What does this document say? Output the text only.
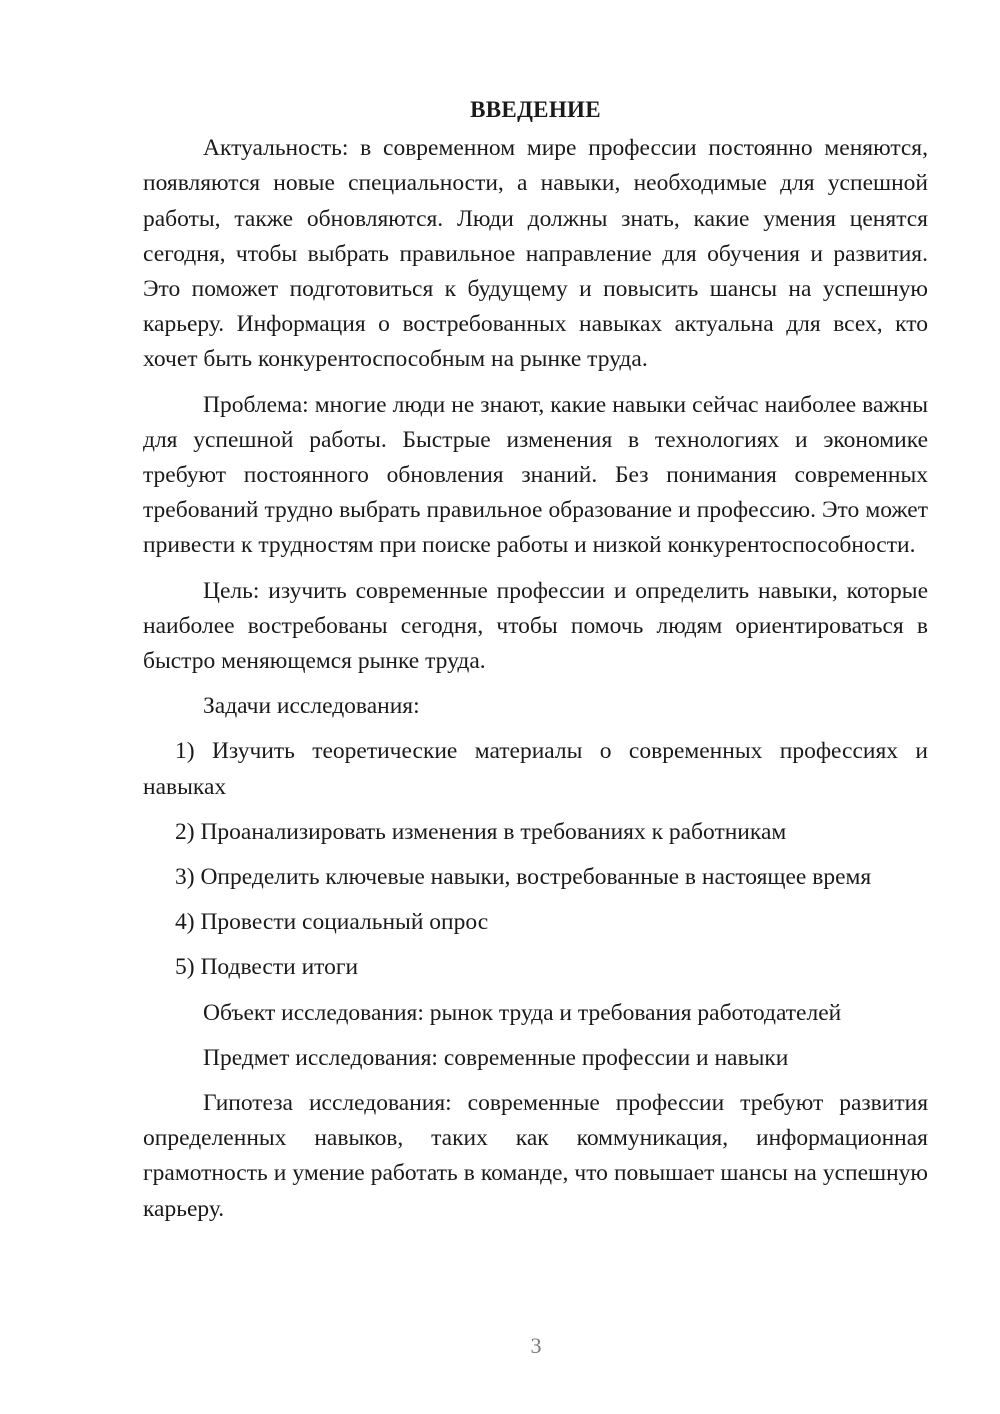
ВВЕДЕНИЕ

Актуальность: в современном мире профессии постоянно меняются, появляются новые специальности, а навыки, необходимые для успешной работы, также обновляются. Люди должны знать, какие умения ценятся сегодня, чтобы выбрать правильное направление для обучения и развития. Это поможет подготовиться к будущему и повысить шансы на успешную карьеру. Информация о востребованных навыках актуальна для всех, кто хочет быть конкурентоспособным на рынке труда.

Проблема: многие люди не знают, какие навыки сейчас наиболее важны для успешной работы. Быстрые изменения в технологиях и экономике требуют постоянного обновления знаний. Без понимания современных требований трудно выбрать правильное образование и профессию. Это может привести к трудностям при поиске работы и низкой конкурентоспособности.

Цель: изучить современные профессии и определить навыки, которые наиболее востребованы сегодня, чтобы помочь людям ориентироваться в быстро меняющемся рынке труда.

Задачи исследования:

1) Изучить теоретические материалы о современных профессиях и навыках

2) Проанализировать изменения в требованиях к работникам

3) Определить ключевые навыки, востребованные в настоящее время

4) Провести социальный опрос

5) Подвести итоги

Объект исследования: рынок труда и требования работодателей

Предмет исследования: современные профессии и навыки

Гипотеза исследования: современные профессии требуют развития определенных навыков, таких как коммуникация, информационная грамотность и умение работать в команде, что повышает шансы на успешную карьеру.

3
